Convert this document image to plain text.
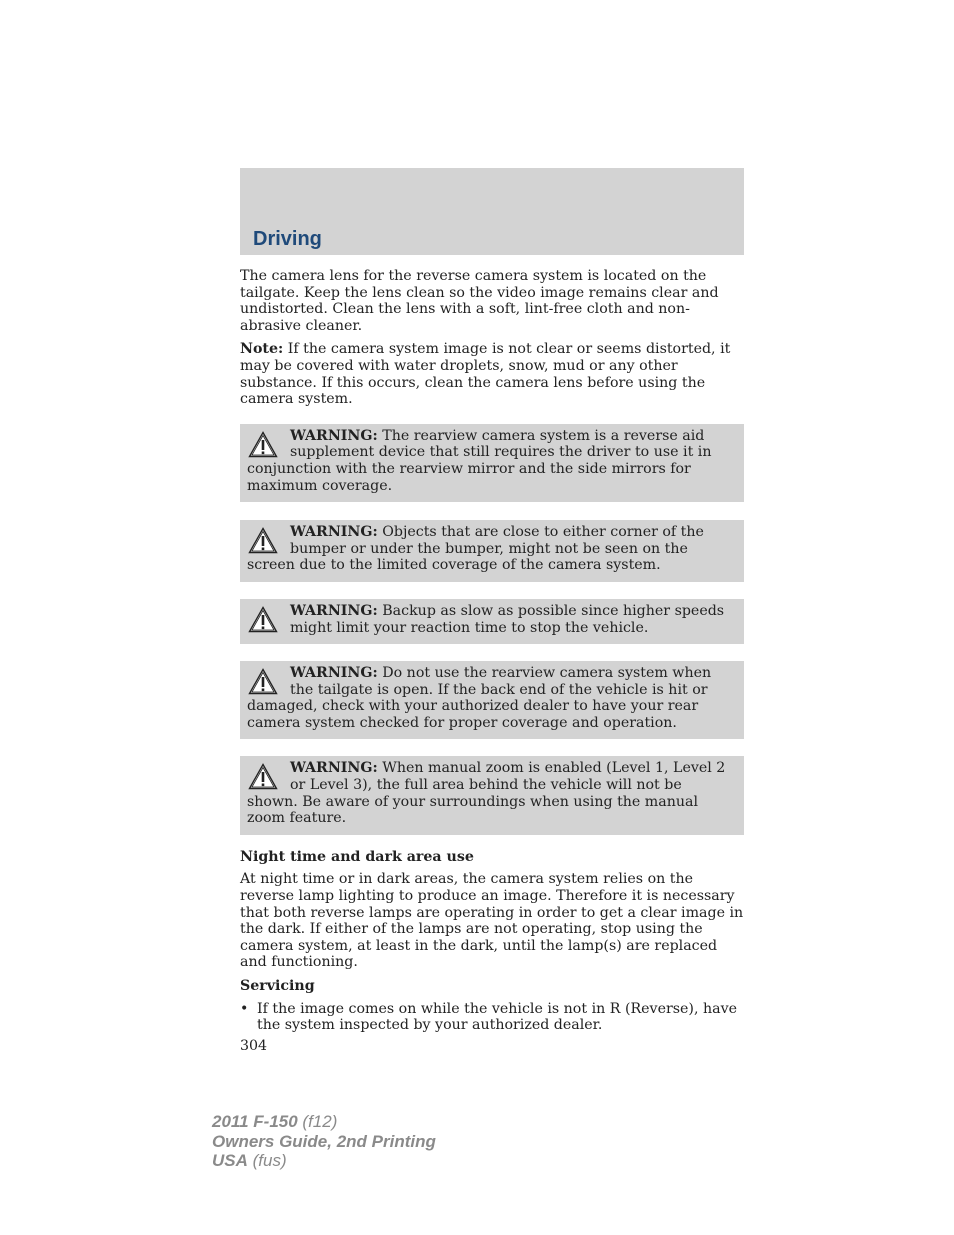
Driving

The camera lens for the reverse camera system is located on the tailgate. Keep the lens clean so the video image remains clear and undistorted. Clean the lens with a soft, lint-free cloth and non-abrasive cleaner.

Note: If the camera system image is not clear or seems distorted, it may be covered with water droplets, snow, mud or any other substance. If this occurs, clean the camera lens before using the camera system.

WARNING: The rearview camera system is a reverse aid supplement device that still requires the driver to use it in conjunction with the rearview mirror and the side mirrors for maximum coverage.

WARNING: Objects that are close to either corner of the bumper or under the bumper, might not be seen on the screen due to the limited coverage of the camera system.

WARNING: Backup as slow as possible since higher speeds might limit your reaction time to stop the vehicle.

WARNING: Do not use the rearview camera system when the tailgate is open. If the back end of the vehicle is hit or damaged, check with your authorized dealer to have your rear camera system checked for proper coverage and operation.

WARNING: When manual zoom is enabled (Level 1, Level 2 or Level 3), the full area behind the vehicle will not be shown. Be aware of your surroundings when using the manual zoom feature.

Night time and dark area use

At night time or in dark areas, the camera system relies on the reverse lamp lighting to produce an image. Therefore it is necessary that both reverse lamps are operating in order to get a clear image in the dark. If either of the lamps are not operating, stop using the camera system, at least in the dark, until the lamp(s) are replaced and functioning.

Servicing

• If the image comes on while the vehicle is not in R (Reverse), have the system inspected by your authorized dealer.

304

2011 F-150 (f12)
Owners Guide, 2nd Printing
USA (fus)
